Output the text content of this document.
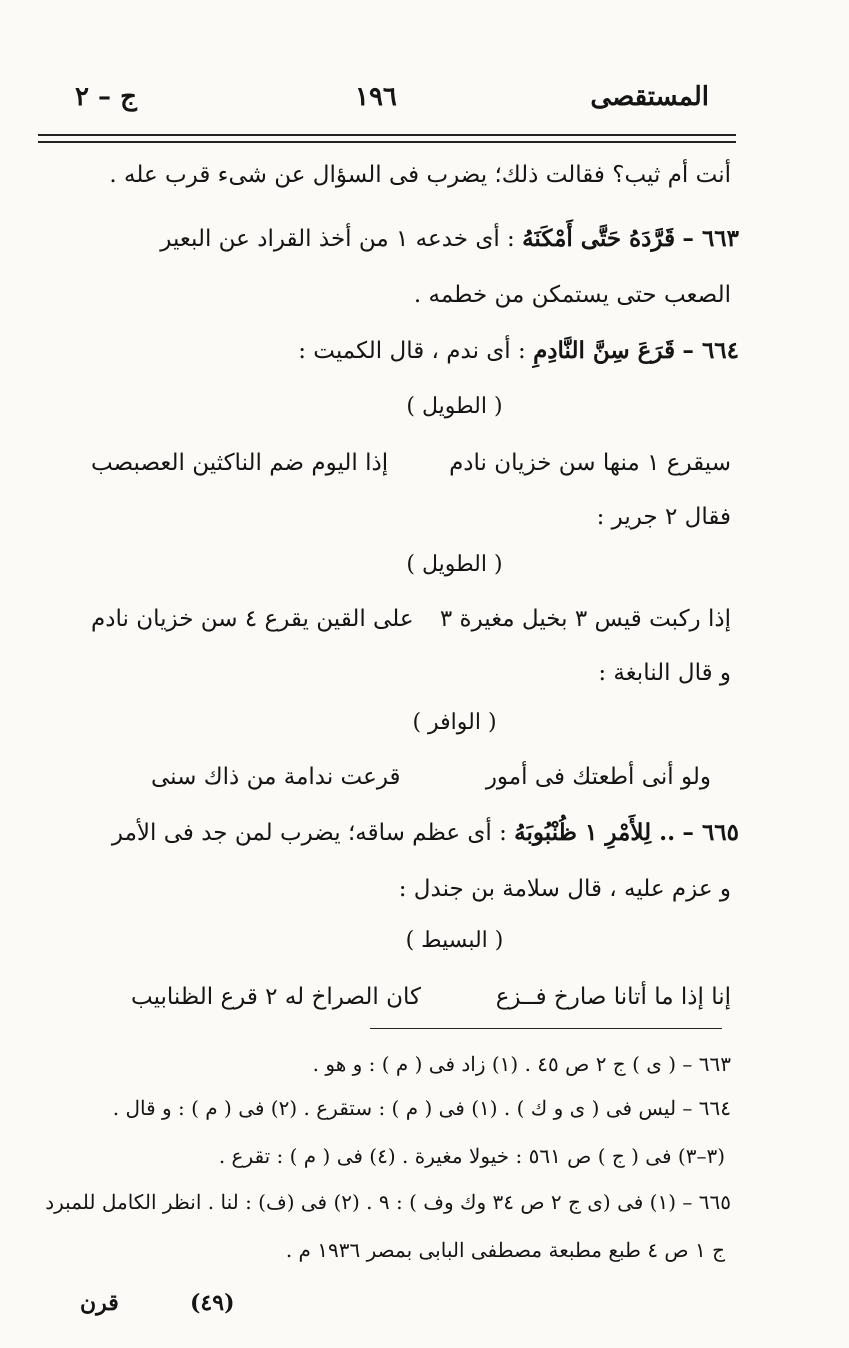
المستقصى
١٩٦
ج – ٢
أنت أم ثيب؟ فقالت ذلك؛ يضرب فى السؤال عن شىء قرب عله .
٦٦٣ – قَرَّدَهُ حَتَّى أَمْكَنَهُ : أى خدعه ١ من أخذ القراد عن البعير
الصعب حتى يستمكن من خطمه .
٦٦٤ – قَرَعَ سِنَّ النَّادِمِ : أى ندم ، قال الكميت :
( الطويل )
سيقرع ١ منها سن خزيان نادم
إذا اليوم ضم الناكثين العصبصب
فقال ٢ جرير :
( الطويل )
إذا ركبت قيس ٣ بخيل مغيرة ٣
على القين يقرع ٤ سن خزيان نادم
و قال النابغة :
( الوافر )
ولو أنى أطعتك فى أمور
قرعت ندامة من ذاك سنى
٦٦٥ – .. لِلأَمْرِ ١ ظُنْبُوبَهُ : أى عظم ساقه؛ يضرب لمن جد فى الأمر
و عزم عليه ، قال سلامة بن جندل :
( البسيط )
إنا إذا ما أتانا صارخ فــزع
كان الصراخ له ٢ قرع الظنابيب
٦٦٣ – ( ى ) ج ٢ ص ٤٥ . (١) زاد فى ( م ) : و هو .
٦٦٤ – ليس فى ( ى و ك ) . (١) فى ( م ) : ستقرع . (٢) فى ( م ) : و قال .
(٣–٣) فى ( ج ) ص ٥٦١ : خيولا مغيرة . (٤) فى ( م ) : تقرع .
٦٦٥ – (١) فى (ى ج ٢ ص ٣٤ وك وف ) : ٩ . (٢) فى (ف) : لنا . انظر الكامل للمبرد
ج ١ ص ٤ طبع مطبعة مصطفى البابى بمصر ١٩٣٦ م .
قرن	(٤٩)
